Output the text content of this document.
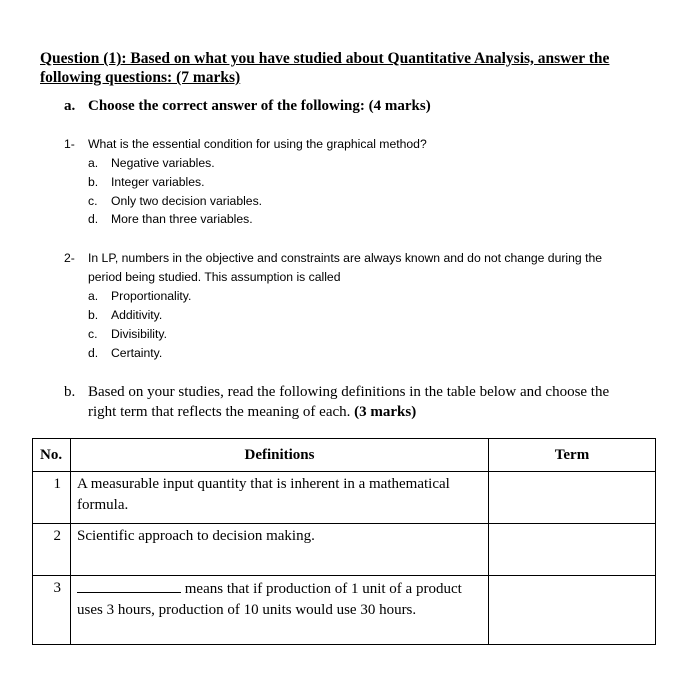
Question (1): Based on what you have studied about Quantitative Analysis, answer the
following questions: (7 marks)
a. Choose the correct answer of the following: (4 marks)
1- What is the essential condition for using the graphical method?
a. Negative variables.
b. Integer variables.
c. Only two decision variables.
d. More than three variables.
2- In LP, numbers in the objective and constraints are always known and do not change during the
period being studied. This assumption is called
a. Proportionality.
b. Additivity.
c. Divisibility.
d. Certainty.
b. Based on your studies, read the following definitions in the table below and choose the
right term that reflects the meaning of each. (3 marks)
No.	Definitions	Term
1	A measurable input quantity that is inherent in a mathematical formula.	
2	Scientific approach to decision making.	
3	means that if production of 1 unit of a product uses 3 hours, production of 10 units would use 30 hours.	
